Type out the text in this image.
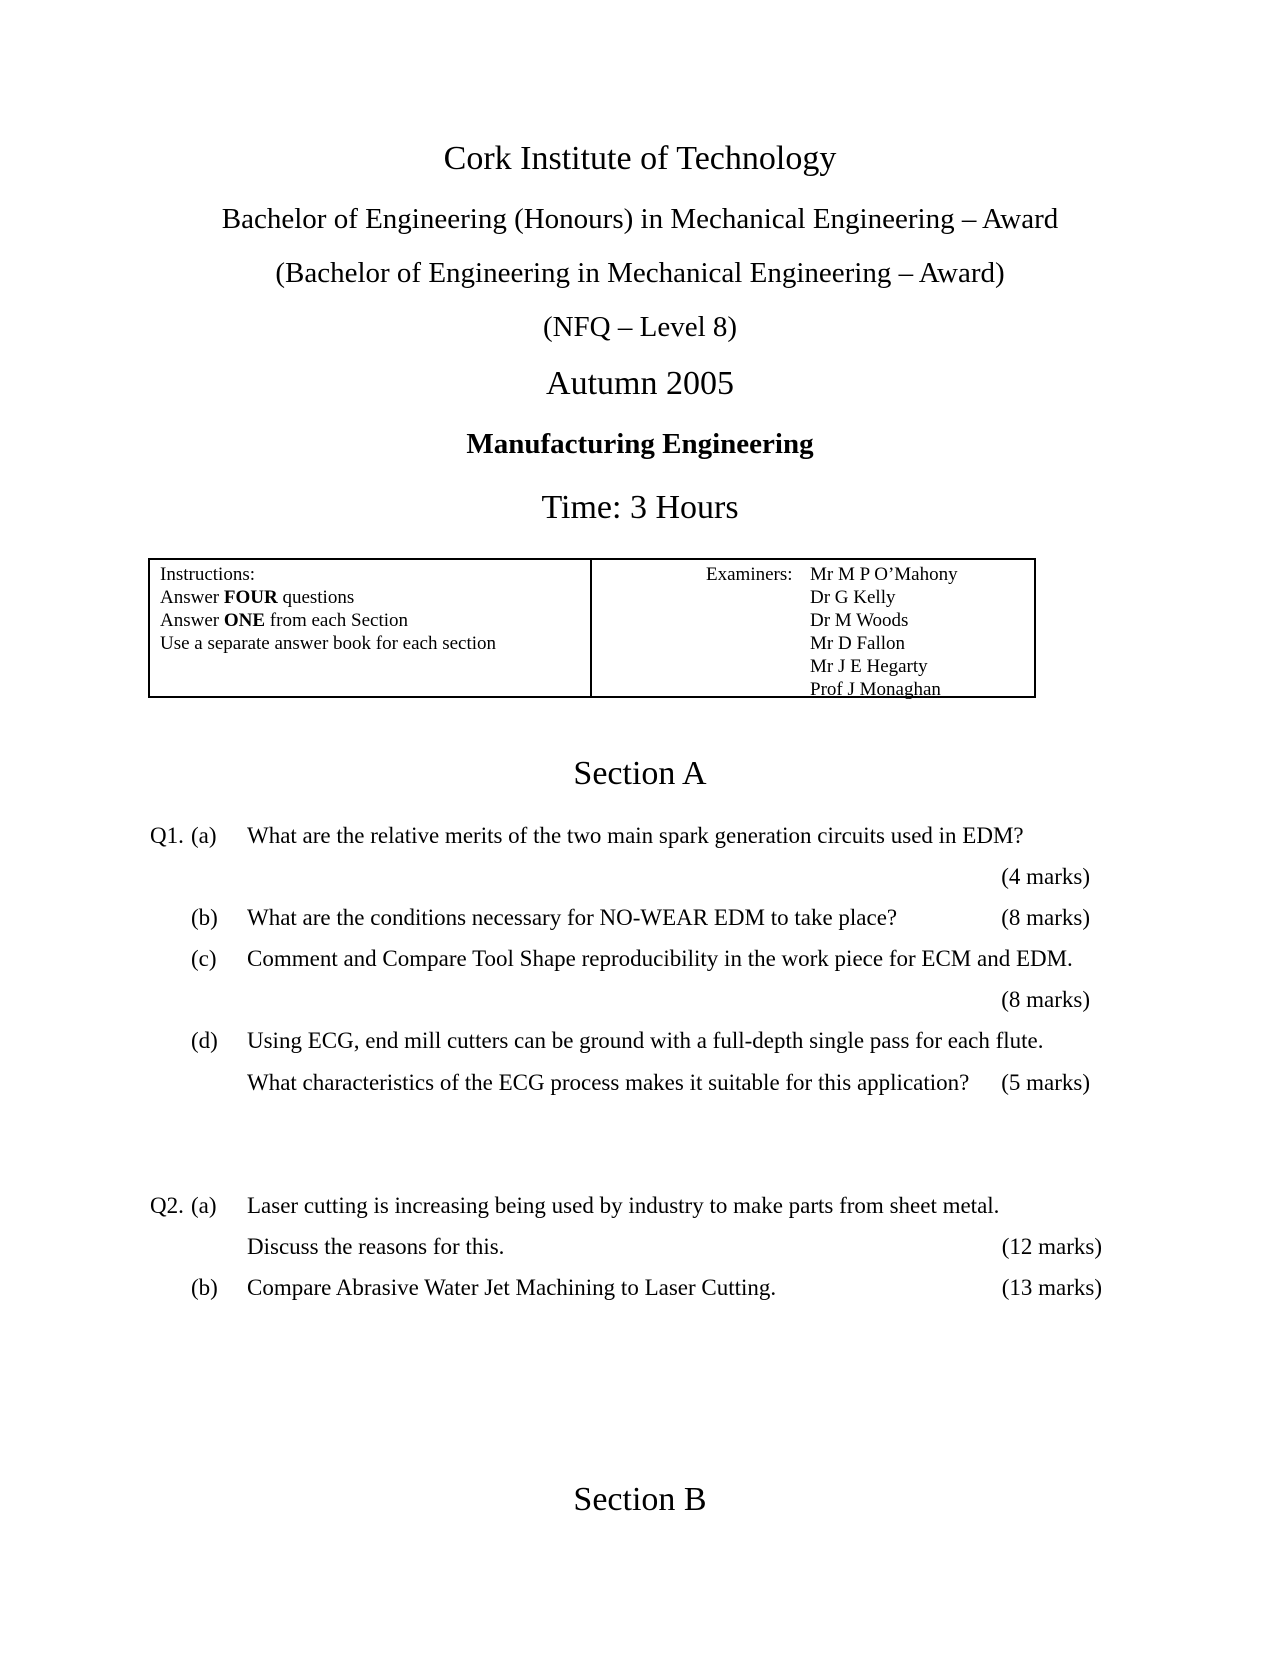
Cork Institute of Technology
Bachelor of Engineering (Honours) in Mechanical Engineering – Award
(Bachelor of Engineering in Mechanical Engineering – Award)
(NFQ – Level 8)
Autumn 2005
Manufacturing Engineering
Time: 3 Hours
Instructions:
Answer FOUR questions
Answer ONE from each Section
Use a separate answer book for each section
Examiners: Mr M P O’Mahony
Dr G Kelly
Dr M Woods
Mr D Fallon
Mr J E Hegarty
Prof J Monaghan
Section A
Q1. (a) What are the relative merits of the two main spark generation circuits used in EDM?
(4 marks)
(b) What are the conditions necessary for NO-WEAR EDM to take place?	(8 marks)
(c) Comment and Compare Tool Shape reproducibility in the work piece for ECM and EDM.
(8 marks)
(d) Using ECG, end mill cutters can be ground with a full-depth single pass for each flute.
What characteristics of the ECG process makes it suitable for this application? (5 marks)
Q2. (a) Laser cutting is increasing being used by industry to make parts from sheet metal.
Discuss the reasons for this.	(12 marks)
(b) Compare Abrasive Water Jet Machining to Laser Cutting.	(13 marks)
Section B
